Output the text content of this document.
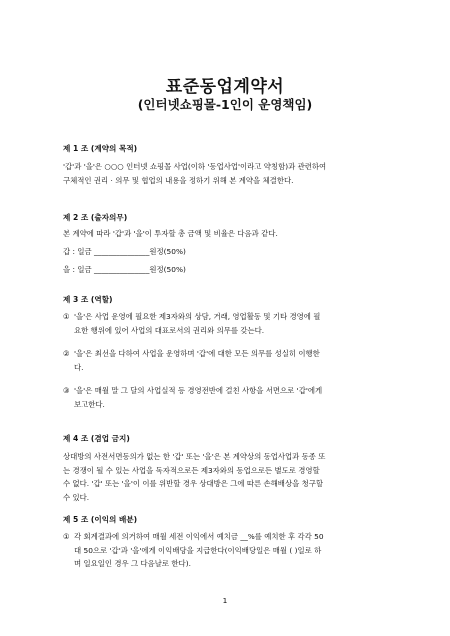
표준동업계약서
(인터넷쇼핑몰-1인이 운영책임)
제 1 조 (계약의 목적)
'갑'과 '을'은 ○○○ 인터넷 쇼핑몰 사업(이하 '동업사업'이라고 약칭함)과 관련하여
구체적인 권리 · 의무 및 협업의 내용을 정하기 위해 본 계약을 체결한다.
제 2 조 (출자의무)
본 계약에 따라 '갑'과 '을'이 투자할 총 금액 및 비율은 다음과 같다.
갑 : 일금 _______________원정(50%)
을 : 일금 _______________원정(50%)
제 3 조 (역할)
① '을'은 사업 운영에 필요한 제3자와의 상담, 거래, 영업활동 및 기타 경영에 필
요한 행위에 있어 사업의 대표로서의 권리와 의무를 갖는다.
② '을'은 최선을 다하여 사업을 운영하며 '갑'에 대한 모든 의무를 성실히 이행한
다.
③ '을'은 매월 말 그 달의 사업실적 등 경영전반에 걸친 사항을 서면으로 '갑'에게
보고한다.
제 4 조 (겸업 금지)
상대방의 사전서면동의가 없는 한 '갑' 또는 '을'은 본 계약상의 동업사업과 동종 또
는 경쟁이 될 수 있는 사업을 독자적으로든 제3자와의 동업으로든 별도로 경영할
수 없다. '갑' 또는 '을'이 이를 위반할 경우 상대방은 그에 따른 손해배상을 청구할
수 있다.
제 5 조 (이익의 배분)
① 각 회계결과에 의거하여 매월 세전 이익에서 예치금 __%를 예치한 후 각각 50
대 50으로 '갑'과 '을'에게 이익배당을 지급한다(이익배당일은 매월 ( )일로 하
며 일요일인 경우 그 다음날로 한다).
1
